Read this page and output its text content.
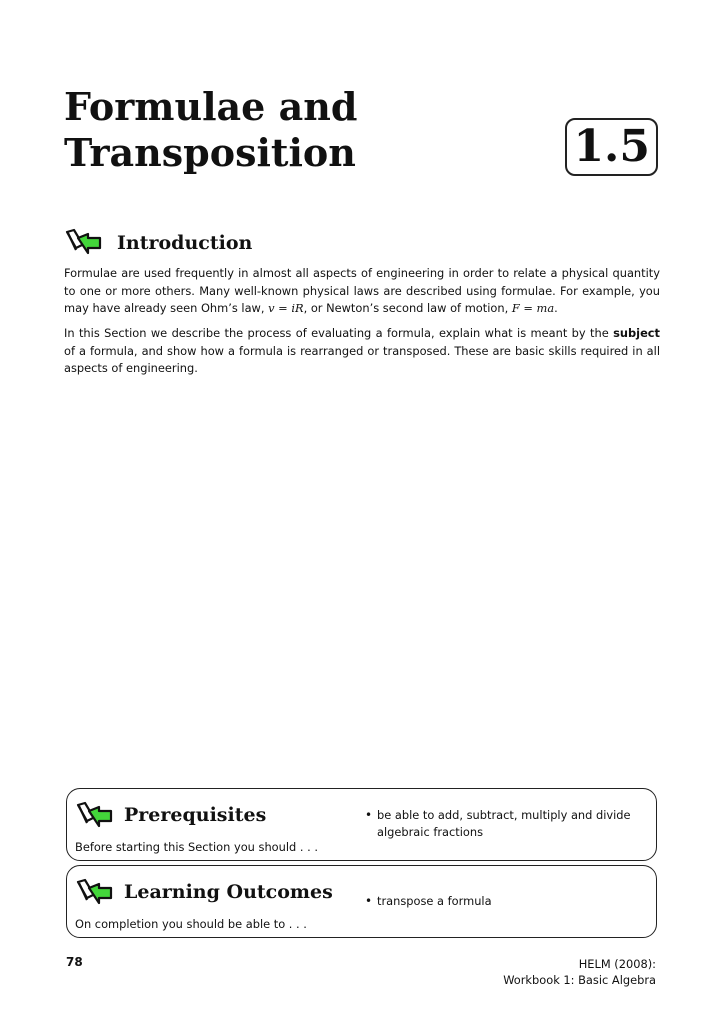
Formulae and
Transposition	1.5
Introduction
Formulae are used frequently in almost all aspects of engineering in order to relate a physical quantity to one or more others. Many well-known physical laws are described using formulae. For example, you may have already seen Ohm’s law, v = iR, or Newton’s second law of motion, F = ma.
In this Section we describe the process of evaluating a formula, explain what is meant by the subject of a formula, and show how a formula is rearranged or transposed. These are basic skills required in all aspects of engineering.
Prerequisites
Before starting this Section you should . . .
• be able to add, subtract, multiply and divide algebraic fractions
Learning Outcomes
On completion you should be able to . . .
• transpose a formula
78	HELM (2008):
Workbook 1: Basic Algebra
